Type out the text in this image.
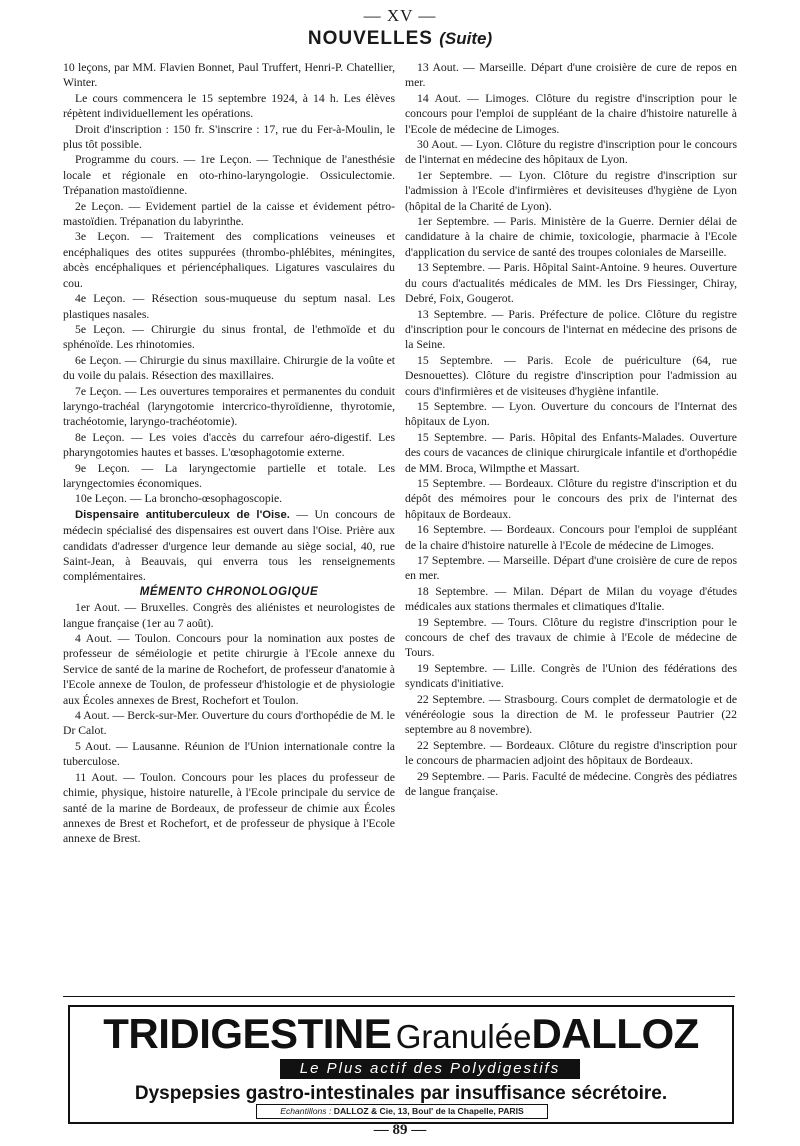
— XV —
NOUVELLES (Suite)

10 leçons, par MM. Flavien Bonnet, Paul Truffert, Henri-P. Chatellier, Winter.

Le cours commencera le 15 septembre 1924, à 14 h. Les élèves répètent individuellement les opérations.

Droit d'inscription : 150 fr. S'inscrire : 17, rue du Fer-à-Moulin, le plus tôt possible.

Programme du cours. — 1re Leçon. — Technique de l'anesthésie locale et régionale en oto-rhino-laryngologie. Ossiculectomie. Trépanation mastoïdienne.

2e Leçon. — Evidement partiel de la caisse et évidement pétro-mastoïdien. Trépanation du labyrinthe.

3e Leçon. — Traitement des complications veineuses et encéphaliques des otites suppurées (thrombo-phlébites, méningites, abcès encéphaliques et périencéphaliques. Ligatures vasculaires du cou.

4e Leçon. — Résection sous-muqueuse du septum nasal. Les plastiques nasales.

5e Leçon. — Chirurgie du sinus frontal, de l'ethmoïde et du sphénoïde. Les rhinotomies.

6e Leçon. — Chirurgie du sinus maxillaire. Chirurgie de la voûte et du voile du palais. Résection des maxillaires.

7e Leçon. — Les ouvertures temporaires et permanentes du conduit laryngo-trachéal (laryngotomie intercrico-thyroïdienne, thyrotomie, trachéotomie, laryngo-trachéotomie).

8e Leçon. — Les voies d'accès du carrefour aéro-digestif. Les pharyngotomies hautes et basses. L'œsophagotomie externe.

9e Leçon. — La laryngectomie partielle et totale. Les laryngectomies économiques.

10e Leçon. — La broncho-œsophagoscopie.

Dispensaire antituberculeux de l'Oise. — Un concours de médecin spécialisé des dispensaires est ouvert dans l'Oise. Prière aux candidats d'adresser d'urgence leur demande au siège social, 40, rue Saint-Jean, à Beauvais, qui enverra tous les renseignements complémentaires.

MÉMENTO CHRONOLOGIQUE

1er Aout. — Bruxelles. Congrès des aliénistes et neurologistes de langue française (1er au 7 août).

4 Aout. — Toulon. Concours pour la nomination aux postes de professeur de séméiologie et petite chirurgie à l'Ecole annexe du Service de santé de la marine de Rochefort, de professeur d'anatomie à l'Ecole annexe de Toulon, de professeur d'histologie et de physiologie aux Écoles annexes de Brest, Rochefort et Toulon.

4 Aout. — Berck-sur-Mer. Ouverture du cours d'orthopédie de M. le Dr Calot.

5 Aout. — Lausanne. Réunion de l'Union internationale contre la tuberculose.

11 Aout. — Toulon. Concours pour les places du professeur de chimie, physique, histoire naturelle, à l'Ecole principale du service de santé de la marine de Bordeaux, de professeur de chimie aux Écoles annexes de Brest et Rochefort, et de professeur de physique à l'Ecole annexe de Brest.

13 Aout. — Marseille. Départ d'une croisière de cure de repos en mer.

14 Aout. — Limoges. Clôture du registre d'inscription pour le concours pour l'emploi de suppléant de la chaire d'histoire naturelle à l'Ecole de médecine de Limoges.

30 Aout. — Lyon. Clôture du registre d'inscription pour le concours de l'internat en médecine des hôpitaux de Lyon.

1er Septembre. — Lyon. Clôture du registre d'inscription sur l'admission à l'Ecole d'infirmières et devisiteuses d'hygiène de Lyon (hôpital de la Charité de Lyon).

1er Septembre. — Paris. Ministère de la Guerre. Dernier délai de candidature à la chaire de chimie, toxicologie, pharmacie à l'Ecole d'application du service de santé des troupes coloniales de Marseille.

13 Septembre. — Paris. Hôpital Saint-Antoine. 9 heures. Ouverture du cours d'actualités médicales de MM. les Drs Fiessinger, Chiray, Debré, Foix, Gougerot.

13 Septembre. — Paris. Préfecture de police. Clôture du registre d'inscription pour le concours de l'internat en médecine des prisons de la Seine.

15 Septembre. — Paris. Ecole de puériculture (64, rue Desnouettes). Clôture du registre d'inscription pour l'admission au cours d'infirmières et de visiteuses d'hygiène infantile.

15 Septembre. — Lyon. Ouverture du concours de l'Internat des hôpitaux de Lyon.

15 Septembre. — Paris. Hôpital des Enfants-Malades. Ouverture des cours de vacances de clinique chirurgicale infantile et d'orthopédie de MM. Broca, Wilmpthe et Massart.

15 Septembre. — Bordeaux. Clôture du registre d'inscription et du dépôt des mémoires pour le concours des prix de l'internat des hôpitaux de Bordeaux.

16 Septembre. — Bordeaux. Concours pour l'emploi de suppléant de la chaire d'histoire naturelle à l'Ecole de médecine de Limoges.

17 Septembre. — Marseille. Départ d'une croisière de cure de repos en mer.

18 Septembre. — Milan. Départ de Milan du voyage d'études médicales aux stations thermales et climatiques d'Italie.

19 Septembre. — Tours. Clôture du registre d'inscription pour le concours de chef des travaux de chimie à l'Ecole de médecine de Tours.

19 Septembre. — Lille. Congrès de l'Union des fédérations des syndicats d'initiative.

22 Septembre. — Strasbourg. Cours complet de dermatologie et de vénéréologie sous la direction de M. le professeur Pautrier (22 septembre au 8 novembre).

22 Septembre. — Bordeaux. Clôture du registre d'inscription pour le concours de pharmacien adjoint des hôpitaux de Bordeaux.

29 Septembre. — Paris. Faculté de médecine. Congrès des pédiatres de langue française.

TRIDIGESTINE GranuléeDALLOZ
Le Plus actif des Polydigestifs
Dyspepsies gastro-intestinales par insuffisance sécrétoire.
Echantillons : DALLOZ & Cie, 13, Boul' de la Chapelle, PARIS
— 89 —
